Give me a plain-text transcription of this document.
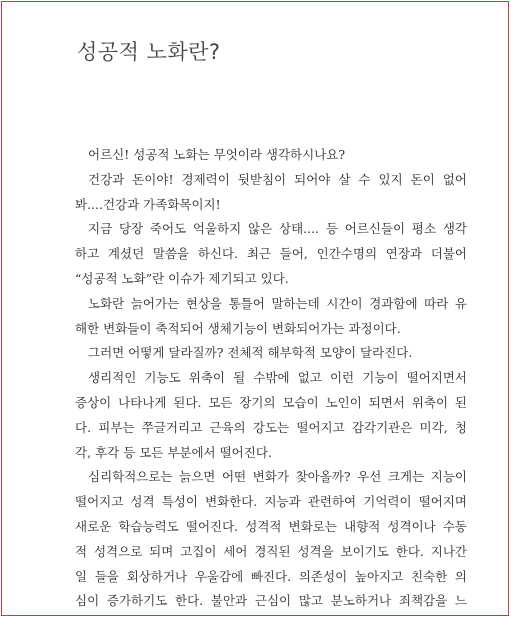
성공적 노화란?
어르신! 성공적 노화는 무엇이라 생각하시나요?
건강과 돈이야! 경제력이 뒷받침이 되어야 살 수 있지 돈이 없어
봐....건강과 가족화목이지!
지금 당장 죽어도 억울하지 않은 상태.... 등 어르신들이 평소 생각
하고 계셨던 말씀을 하신다. 최근 들어, 인간수명의 연장과 더불어
“성공적 노화”란 이슈가 제기되고 있다.
노화란 늙어가는 현상을 통틀어 말하는데 시간이 경과함에 따라 유
해한 변화들이 축적되어 생체기능이 변화되어가는 과정이다.
그러면 어떻게 달라질까? 전체적 해부학적 모양이 달라진다.
생리적인 기능도 위축이 될 수밖에 없고 이런 기능이 떨어지면서
증상이 나타나게 된다. 모든 장기의 모습이 노인이 되면서 위축이 된
다. 피부는 쭈글거리고 근육의 강도는 떨어지고 감각기관은 미각, 청
각, 후각 등 모든 부분에서 떨어진다.
심리학적으로는 늙으면 어떤 변화가 찾아올까? 우선 크게는 지능이
떨어지고 성격 특성이 변화한다. 지능과 관련하여 기억력이 떨어지며
새로운 학습능력도 떨어진다. 성격적 변화로는 내향적 성격이나 수동
적 성격으로 되며 고집이 세어 경직된 성격을 보이기도 한다. 지나간
일 들을 회상하거나 우울감에 빠진다. 의존성이 높아지고 친숙한 의
심이 증가하기도 한다. 불안과 근심이 많고 분노하거나 죄책감을 느
